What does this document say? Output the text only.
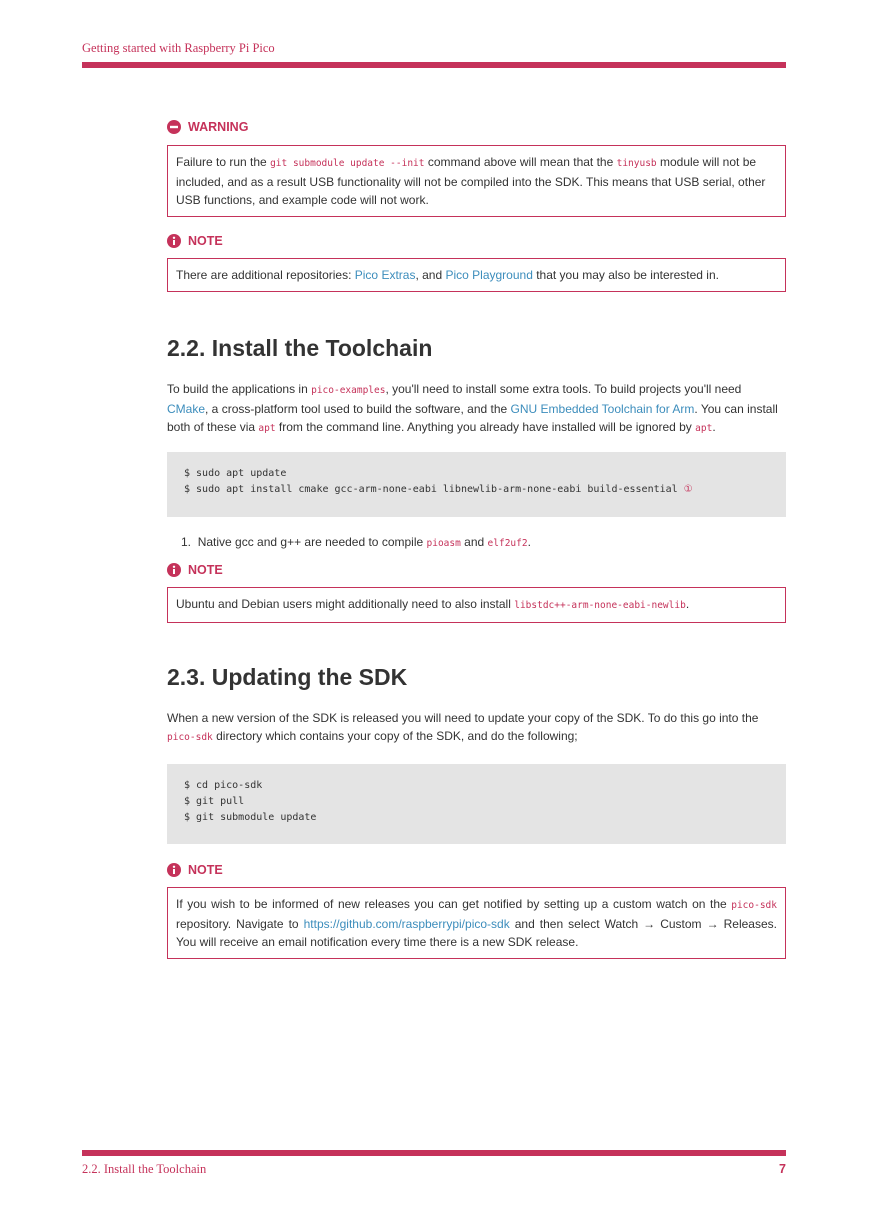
Getting started with Raspberry Pi Pico
WARNING
Failure to run the git submodule update --init command above will mean that the tinyusb module will not be included, and as a result USB functionality will not be compiled into the SDK. This means that USB serial, other USB functions, and example code will not work.
NOTE
There are additional repositories: Pico Extras, and Pico Playground that you may also be interested in.
2.2. Install the Toolchain

To build the applications in pico-examples, you'll need to install some extra tools. To build projects you'll need CMake, a cross-platform tool used to build the software, and the GNU Embedded Toolchain for Arm. You can install both of these via apt from the command line. Anything you already have installed will be ignored by apt.

$ sudo apt update
$ sudo apt install cmake gcc-arm-none-eabi libnewlib-arm-none-eabi build-essential ①
1. Native gcc and g++ are needed to compile pioasm and elf2uf2.
NOTE
Ubuntu and Debian users might additionally need to also install libstdc++-arm-none-eabi-newlib.
2.3. Updating the SDK

When a new version of the SDK is released you will need to update your copy of the SDK. To do this go into the pico-sdk directory which contains your copy of the SDK, and do the following;

$ cd pico-sdk
$ git pull
$ git submodule update
NOTE
If you wish to be informed of new releases you can get notified by setting up a custom watch on the pico-sdk repository. Navigate to https://github.com/raspberrypi/pico-sdk and then select Watch → Custom → Releases. You will receive an email notification every time there is a new SDK release.
2.2. Install the Toolchain	7
